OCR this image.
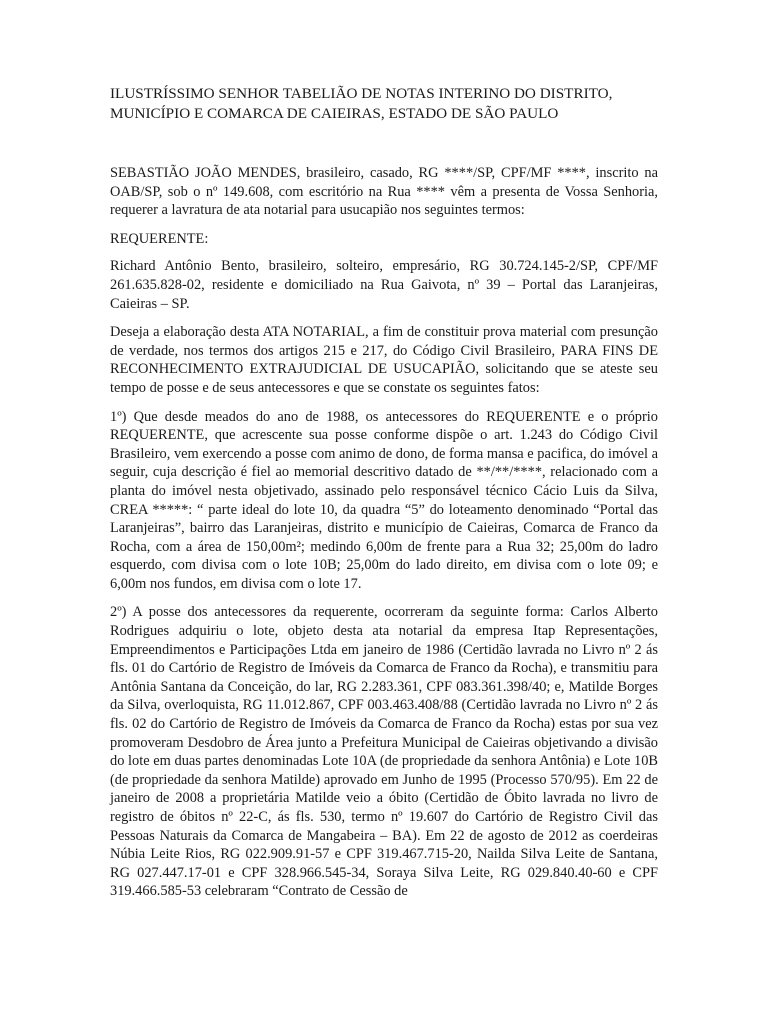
ILUSTRÍSSIMO SENHOR TABELIÃO DE NOTAS INTERINO DO DISTRITO, MUNICÍPIO E COMARCA DE CAIEIRAS, ESTADO DE SÃO PAULO

SEBASTIÃO JOÃO MENDES, brasileiro, casado, RG ****/SP, CPF/MF ****, inscrito na OAB/SP, sob o nº 149.608, com escritório na Rua **** vêm a presenta de Vossa Senhoria, requerer a lavratura de ata notarial para usucapião nos seguintes termos:

REQUERENTE:

Richard Antônio Bento, brasileiro, solteiro, empresário, RG 30.724.145-2/SP, CPF/MF 261.635.828-02, residente e domiciliado na Rua Gaivota, nº 39 – Portal das Laranjeiras, Caieiras – SP.

Deseja a elaboração desta ATA NOTARIAL, a fim de constituir prova material com presunção de verdade, nos termos dos artigos 215 e 217, do Código Civil Brasileiro, PARA FINS DE RECONHECIMENTO EXTRAJUDICIAL DE USUCAPIÃO, solicitando que se ateste seu tempo de posse e de seus antecessores e que se constate os seguintes fatos:

1º) Que desde meados do ano de 1988, os antecessores do REQUERENTE e o próprio REQUERENTE, que acrescente sua posse conforme dispõe o art. 1.243 do Código Civil Brasileiro, vem exercendo a posse com animo de dono, de forma mansa e pacifica, do imóvel a seguir, cuja descrição é fiel ao memorial descritivo datado de **/**/****, relacionado com a planta do imóvel nesta objetivado, assinado pelo responsável técnico Cácio Luis da Silva, CREA *****: “ parte ideal do lote 10, da quadra “5” do loteamento denominado “Portal das Laranjeiras”, bairro das Laranjeiras, distrito e município de Caieiras, Comarca de Franco da Rocha, com a área de 150,00m²; medindo 6,00m de frente para a Rua 32; 25,00m do ladro esquerdo, com divisa com o lote 10B; 25,00m do lado direito, em divisa com o lote 09; e 6,00m nos fundos, em divisa com o lote 17.

2º) A posse dos antecessores da requerente, ocorreram da seguinte forma: Carlos Alberto Rodrigues adquiriu o lote, objeto desta ata notarial da empresa Itap Representações, Empreendimentos e Participações Ltda em janeiro de 1986 (Certidão lavrada no Livro nº 2 ás fls. 01 do Cartório de Registro de Imóveis da Comarca de Franco da Rocha), e transmitiu para Antônia Santana da Conceição, do lar, RG 2.283.361, CPF 083.361.398/40; e, Matilde Borges da Silva, overloquista, RG 11.012.867, CPF 003.463.408/88 (Certidão lavrada no Livro nº 2 ás fls. 02 do Cartório de Registro de Imóveis da Comarca de Franco da Rocha) estas por sua vez promoveram Desdobro de Área junto a Prefeitura Municipal de Caieiras objetivando a divisão do lote em duas partes denominadas Lote 10A (de propriedade da senhora Antônia) e Lote 10B (de propriedade da senhora Matilde) aprovado em Junho de 1995 (Processo 570/95). Em 22 de janeiro de 2008 a proprietária Matilde veio a óbito (Certidão de Óbito lavrada no livro de registro de óbitos nº 22-C, ás fls. 530, termo nº 19.607 do Cartório de Registro Civil das Pessoas Naturais da Comarca de Mangabeira – BA). Em 22 de agosto de 2012 as coerdeiras Núbia Leite Rios, RG 022.909.91-57 e CPF 319.467.715-20, Nailda Silva Leite de Santana, RG 027.447.17-01 e CPF 328.966.545-34, Soraya Silva Leite, RG 029.840.40-60 e CPF 319.466.585-53 celebraram “Contrato de Cessão de
